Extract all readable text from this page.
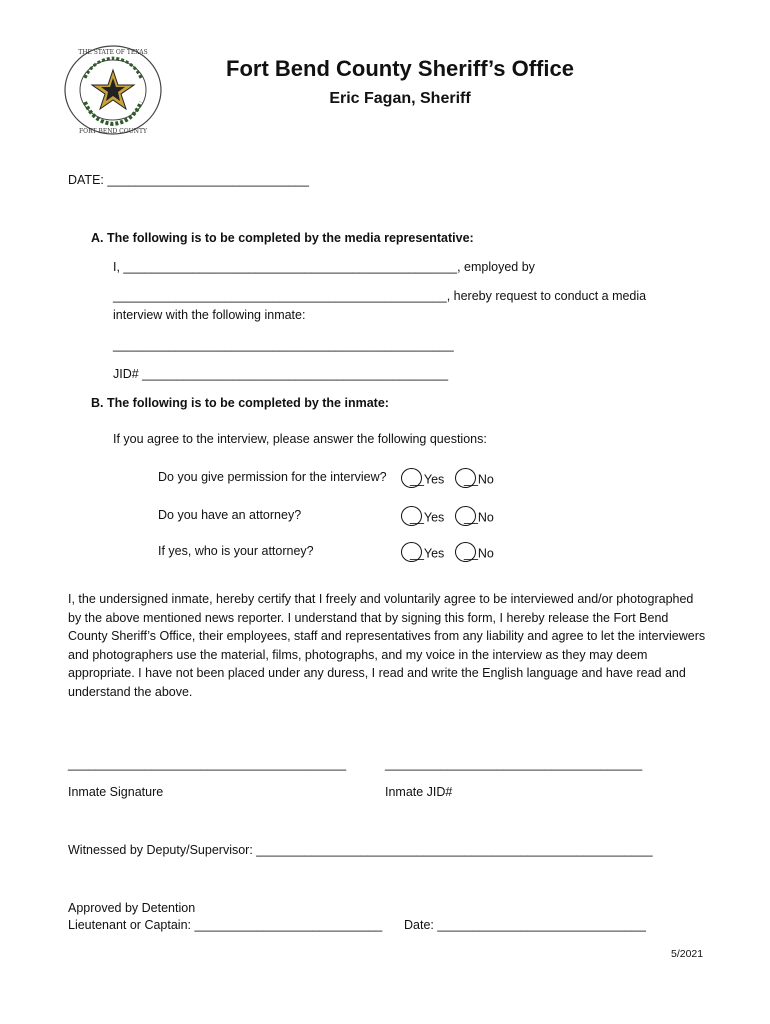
THE STATE OF TEXAS
FORT BEND COUNTY
Fort Bend County Sheriff’s Office
Eric Fagan, Sheriff
DATE: _____________________________
A. The following is to be completed by the media representative:
I, ________________________________________________, employed by
________________________________________________, hereby request to conduct a media
interview with the following inmate:
_________________________________________________
JID# ____________________________________________
B. The following is to be completed by the inmate:
If you agree to the interview, please answer the following questions:
Do you give permission for the interview?	__Yes	__No
Do you have an attorney?	__Yes	__No
If yes, who is your attorney?	__Yes	__No
I, the undersigned inmate, hereby certify that I freely and voluntarily agree to be interviewed and/or photographed by the above mentioned news reporter. I understand that by signing this form, I hereby release the Fort Bend County Sheriff’s Office, their employees, staff and representatives from any liability and agree to let the interviewers and photographers use the material, films, photographs, and my voice in the interview as they may deem appropriate. I have not been placed under any duress, I read and write the English language and have read and understand the above.
________________________________________	_____________________________________
Inmate Signature	Inmate JID#
Witnessed by Deputy/Supervisor: _________________________________________________________
Approved by Detention
Lieutenant or Captain: ___________________________ Date: ______________________________
5/2021
